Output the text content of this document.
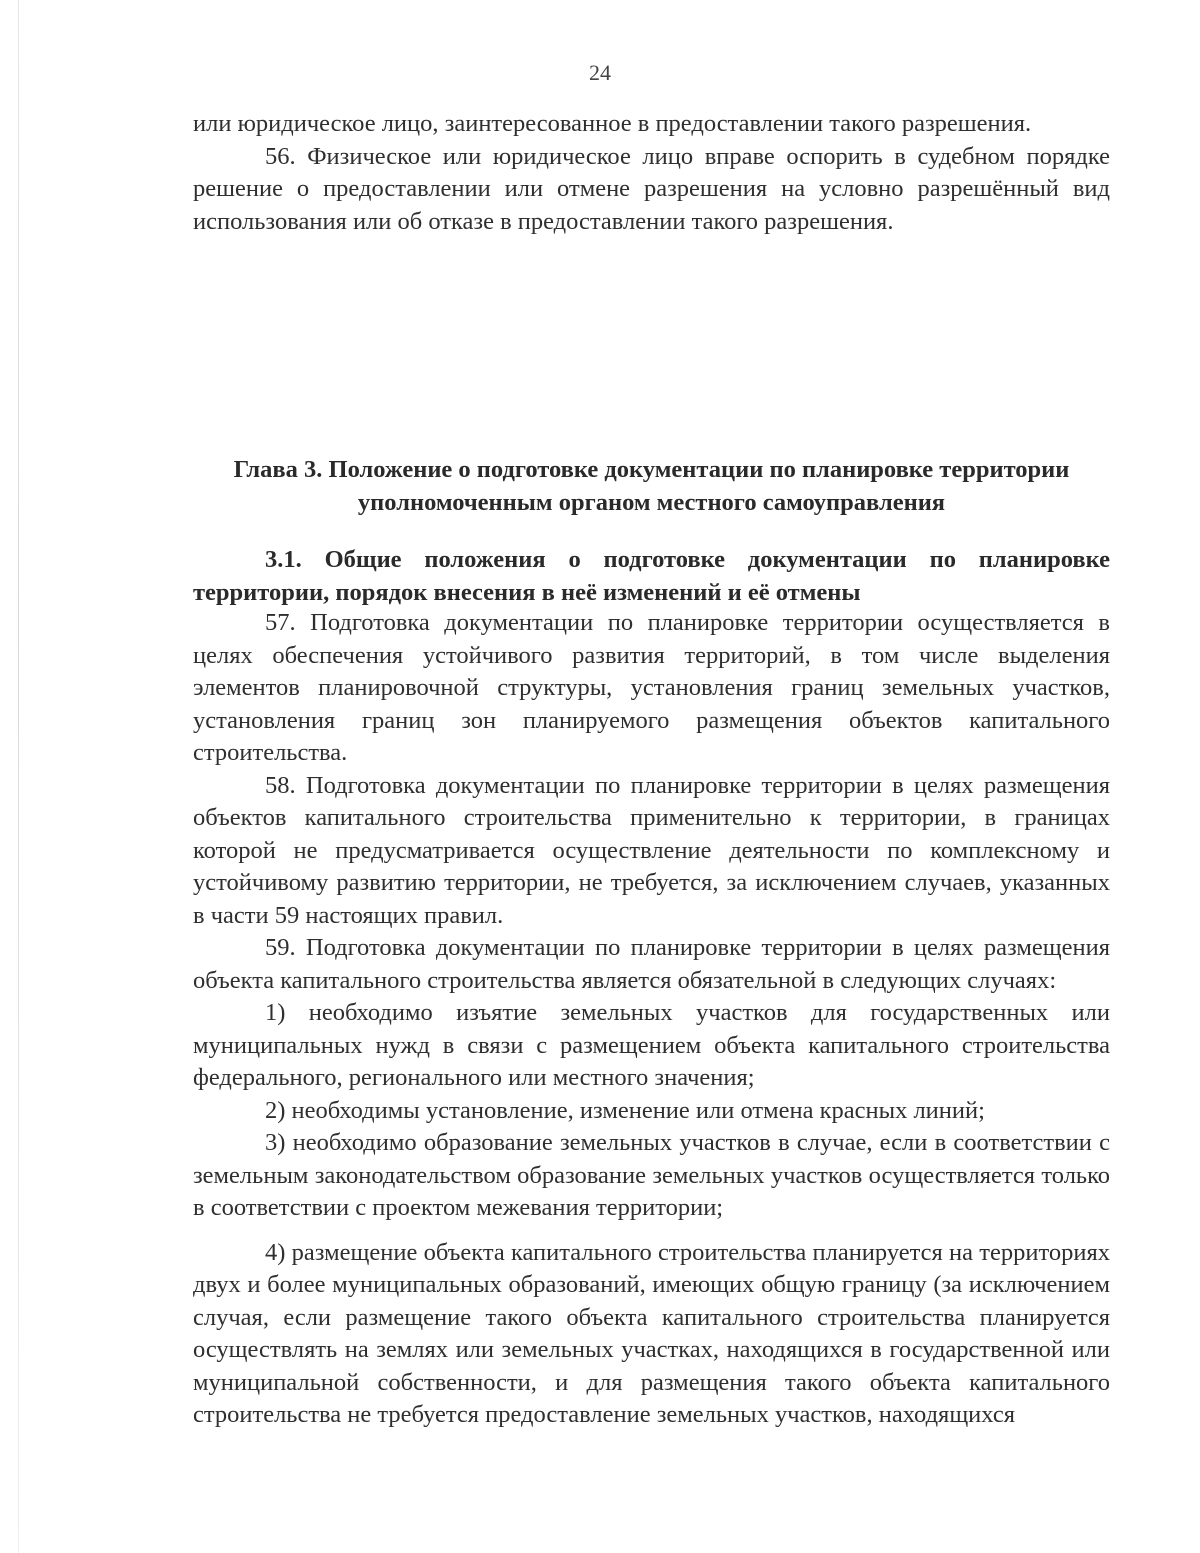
24

или юридическое лицо, заинтересованное в предоставлении такого разрешения.

56. Физическое или юридическое лицо вправе оспорить в судебном порядке решение о предоставлении или отмене разрешения на условно разрешённый вид использования или об отказе в предоставлении такого разрешения.

Глава 3. Положение о подготовке документации по планировке территории уполномоченным органом местного самоуправления
3.1. Общие положения о подготовке документации по планировке территории, порядок внесения в неё изменений и её отмены

57. Подготовка документации по планировке территории осуществляется в целях обеспечения устойчивого развития территорий, в том числе выделения элементов планировочной структуры, установления границ земельных участков, установления границ зон планируемого размещения объектов капитального строительства.

58. Подготовка документации по планировке территории в целях размещения объектов капитального строительства применительно к территории, в границах которой не предусматривается осуществление деятельности по комплексному и устойчивому развитию территории, не требуется, за исключением случаев, указанных в части 59 настоящих правил.

59. Подготовка документации по планировке территории в целях размещения объекта капитального строительства является обязательной в следующих случаях:

1) необходимо изъятие земельных участков для государственных или муниципальных нужд в связи с размещением объекта капитального строительства федерального, регионального или местного значения;

2) необходимы установление, изменение или отмена красных линий;

3) необходимо образование земельных участков в случае, если в соответствии с земельным законодательством образование земельных участков осуществляется только в соответствии с проектом межевания территории;

4) размещение объекта капитального строительства планируется на территориях двух и более муниципальных образований, имеющих общую границу (за исключением случая, если размещение такого объекта капитального строительства планируется осуществлять на землях или земельных участках, находящихся в государственной или муниципальной собственности, и для размещения такого объекта капитального строительства не требуется предоставление земельных участков, находящихся
